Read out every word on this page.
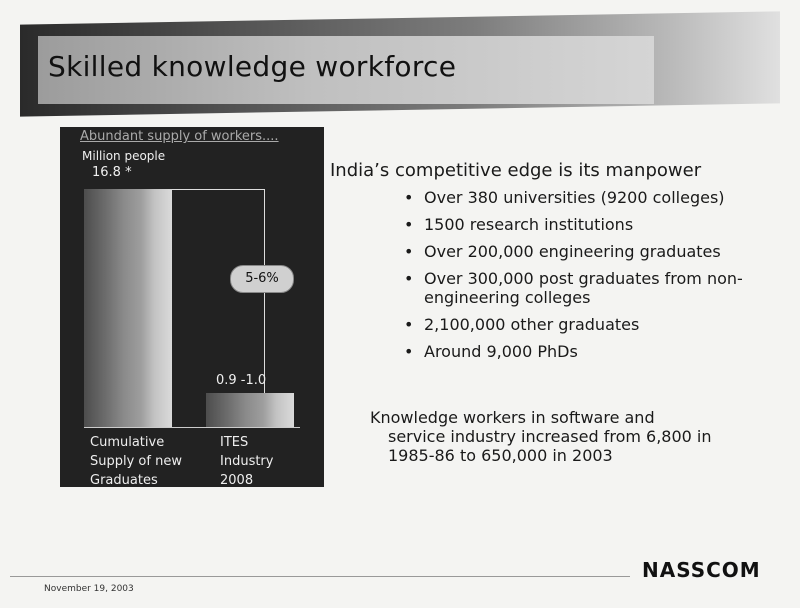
Skilled knowledge workforce
Abundant supply of workers....
Million people
16.8 *
5-6%
0.9 -1.0
Cumulative
Supply of new
Graduates
ITES
Industry
2008
India’s competitive edge is its manpower
• Over 380 universities (9200 colleges)
• 1500 research institutions
• Over 200,000 engineering graduates
• Over 300,000 post graduates from non-engineering colleges
• 2,100,000 other graduates
• Around 9,000 PhDs
Knowledge workers in software and
service industry increased from 6,800 in 1985-86 to 650,000 in 2003
November 19, 2003
NASSCOM
